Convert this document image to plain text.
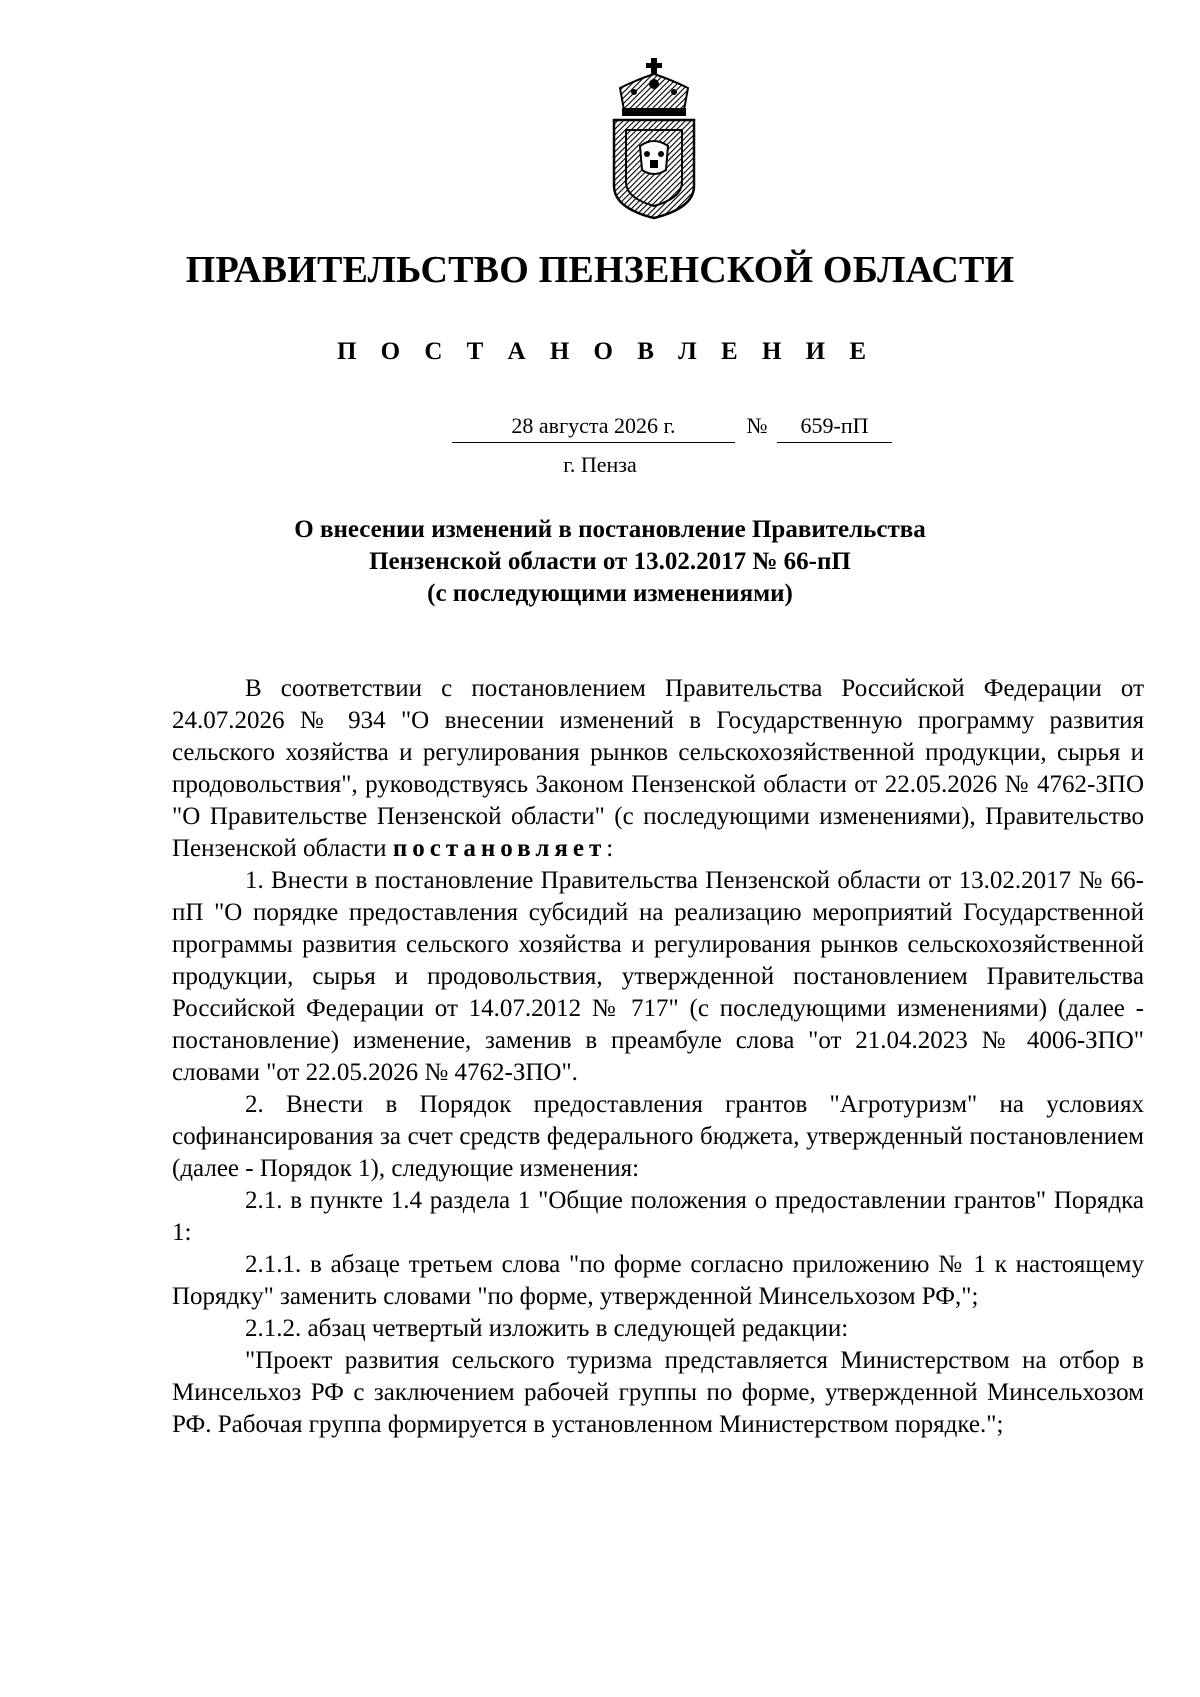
ПРАВИТЕЛЬСТВО ПЕНЗЕНСКОЙ ОБЛАСТИ
П О С Т А Н О В Л Е Н И Е
28 августа 2026 г.	№	659-пП
г. Пенза
О внесении изменений в постановление Правительства
Пензенской области от 13.02.2017 № 66-пП
(с последующими изменениями)

В соответствии с постановлением Правительства Российской Федерации от 24.07.2026 № 934 "О внесении изменений в Государственную программу развития сельского хозяйства и регулирования рынков сельскохозяйственной продукции, сырья и продовольствия", руководствуясь Законом Пензенской области от 22.05.2026 № 4762-ЗПО "О Правительстве Пензенской области" (с последующими изменениями), Правительство Пензенской области постановляет:

1. Внести в постановление Правительства Пензенской области от 13.02.2017 № 66-пП "О порядке предоставления субсидий на реализацию мероприятий Государственной программы развития сельского хозяйства и регулирования рынков сельскохозяйственной продукции, сырья и продовольствия, утвержденной постановлением Правительства Российской Федерации от 14.07.2012 № 717" (с последующими изменениями) (далее - постановление) изменение, заменив в преамбуле слова "от 21.04.2023 № 4006-ЗПО" словами "от 22.05.2026 № 4762-ЗПО".

2. Внести в Порядок предоставления грантов "Агротуризм" на условиях софинансирования за счет средств федерального бюджета, утвержденный постановлением (далее - Порядок 1), следующие изменения:

2.1. в пункте 1.4 раздела 1 "Общие положения о предоставлении грантов" Порядка 1:

2.1.1. в абзаце третьем слова "по форме согласно приложению № 1 к настоящему Порядку" заменить словами "по форме, утвержденной Минсельхозом РФ,";

2.1.2. абзац четвертый изложить в следующей редакции:

"Проект развития сельского туризма представляется Министерством на отбор в Минсельхоз РФ с заключением рабочей группы по форме, утвержденной Минсельхозом РФ. Рабочая группа формируется в установленном Министерством порядке.";
